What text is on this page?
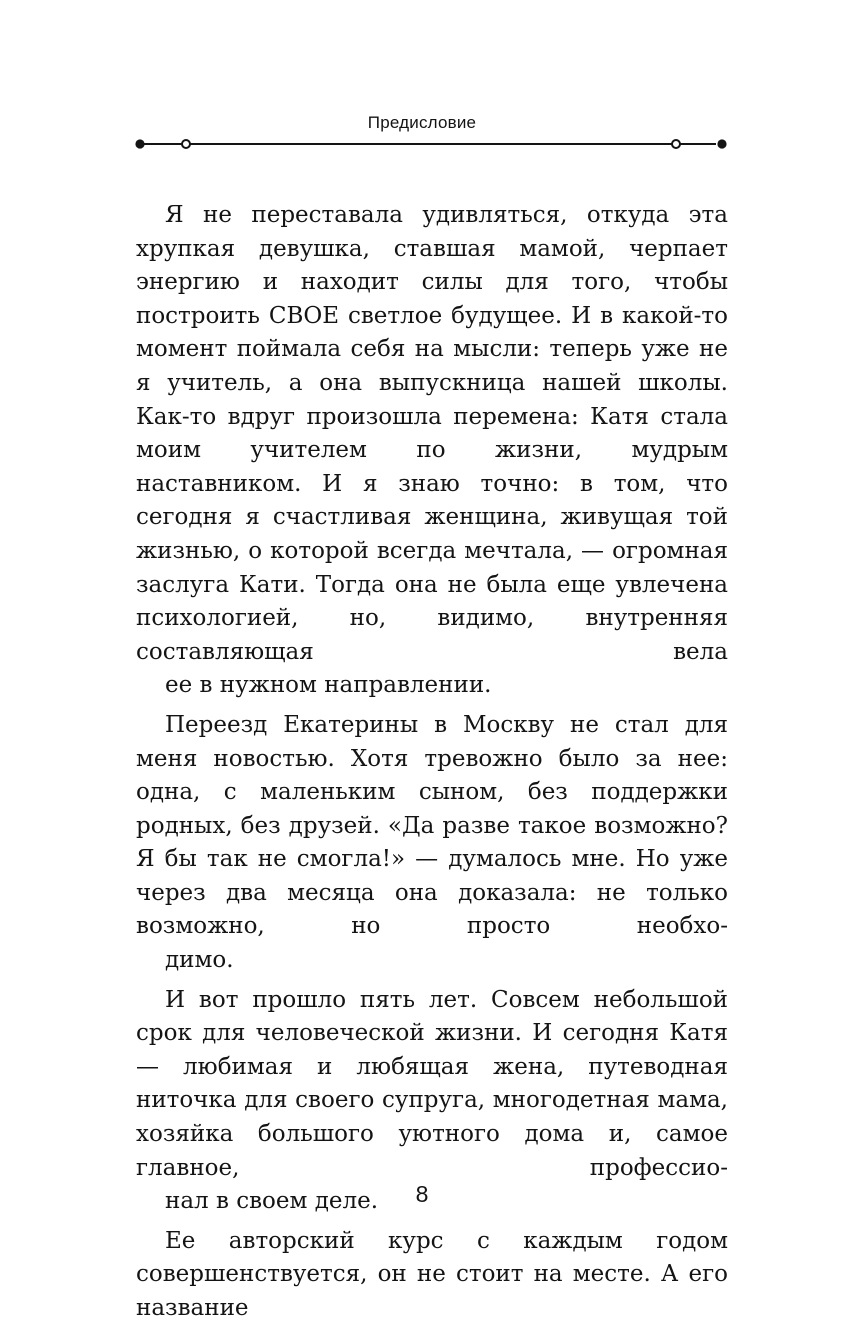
Предисловие

Я не переставала удивляться, откуда эта хрупкая девушка, ставшая мамой, черпает энергию и находит силы для того, чтобы построить СВОЕ светлое будущее. И в какой-то момент поймала себя на мысли: теперь уже не я учитель, а она выпускница нашей школы. Как-то вдруг произошла перемена: Катя стала моим учителем по жизни, мудрым наставником. И я знаю точно: в том, что сегодня я счастливая женщина, живущая той жизнью, о которой всегда мечтала, — огромная заслуга Кати. Тогда она не была еще увлечена психологией, но, видимо, внутренняя составляющая вела
ее в нужном направлении.

Переезд Екатерины в Москву не стал для меня новостью. Хотя тревожно было за нее: одна, с маленьким сыном, без поддержки родных, без друзей. «Да разве такое возможно? Я бы так не смогла!» — думалось мне. Но уже через два месяца она доказала: не только возможно, но просто необхо-
димо.

И вот прошло пять лет. Совсем небольшой срок для человеческой жизни. И сегодня Катя — любимая и любящая жена, путеводная ниточка для своего супруга, многодетная мама, хозяйка большого уютного дома и, самое главное, профессио-
нал в своем деле.

Ее авторский курс с каждым годом совершенствуется, он не стоит на месте. А его название

8
